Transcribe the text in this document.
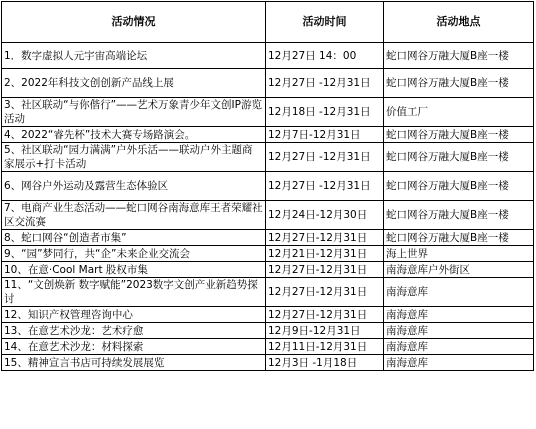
活动情况	活动时间	活动地点
1．数字虚拟人元宇宙高端论坛	12月27日 14：00	蛇口网谷万融大厦B座一楼
2、2022年科技文创创新产品线上展	12月27日 -12月31日	蛇口网谷万融大厦B座一楼
3、社区联动“与你偕行”——艺术万象青少年文创IP游览活动	12月18日 -12月31日	价值工厂
4、2022“睿先杯”技术大赛专场路演会。	12月7日-12月31日	蛇口网谷万融大厦B座一楼
5、社区联动“园力满满”户外乐活——联动户外主题商家展示+打卡活动	12月27日 -12月31日	蛇口网谷万融大厦B座一楼
6、网谷户外运动及露营生态体验区	12月27日 -12月31日	蛇口网谷万融大厦B座一楼
7、电商产业生态活动——蛇口网谷南海意库王者荣耀社区交流赛	12月24日-12月30日	蛇口网谷万融大厦B座一楼
8、蛇口网谷“创造者市集”	12月27日-12月31日	蛇口网谷万融大厦B座一楼
9、“园”梦同行，共“企”未来企业交流会	12月21日-12月31日	海上世界
10、在意·Cool Mart 股权市集	12月27日-12月31日	南海意库户外街区
11、“文创焕新 数字赋能”2023数字文创产业新趋势探讨	12月27日-12月31日	南海意库
12、知识产权管理咨询中心	12月27日-12月31日	南海意库
13、在意艺术沙龙：艺术疗愈	12月9日-12月31日	南海意库
14、在意艺术沙龙：材料探索	12月11日-12月31日	南海意库
15、精神宣言书店可持续发展展览	12月3日 -1月18日	南海意库
